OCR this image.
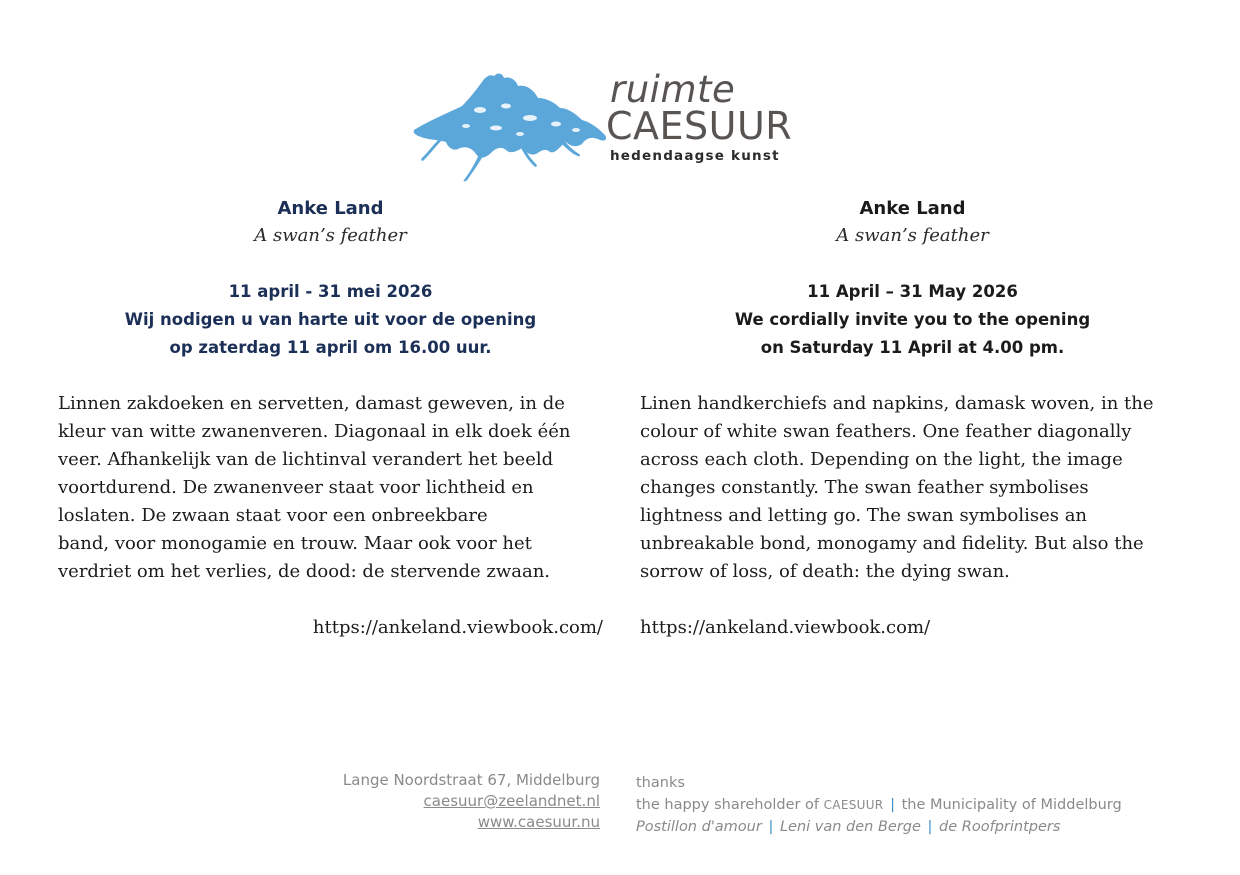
ruimte
CAESUUR
hedendaagse kunst

Anke Land

A swan’s feather

11 april - 31 mei 2026
Wij nodigen u van harte uit voor de opening
op zaterdag 11 april om 16.00 uur.
Linnen zakdoeken en servetten, damast geweven, in de
kleur van witte zwanenveren. Diagonaal in elk doek één
veer. Afhankelijk van de lichtinval verandert het beeld
voortdurend. De zwanenveer staat voor lichtheid en
loslaten. De zwaan staat voor een onbreekbare
band, voor monogamie en trouw. Maar ook voor het
verdriet om het verlies, de dood: de stervende zwaan.
https://ankeland.viewbook.com/

Anke Land

A swan’s feather

11 April – 31 May 2026
We cordially invite you to the opening
on Saturday 11 April at 4.00 pm.
Linen handkerchiefs and napkins, damask woven, in the
colour of white swan feathers. One feather diagonally
across each cloth. Depending on the light, the image
changes constantly. The swan feather symbolises
lightness and letting go. The swan symbolises an
unbreakable bond, monogamy and fidelity. But also the
sorrow of loss, of death: the dying swan.
https://ankeland.viewbook.com/
Lange Noordstraat 67, Middelburg
caesuur@zeelandnet.nl
www.caesuur.nu
thanks
the happy shareholder of CAESUUR | the Municipality of Middelburg
Postillon d'amour | Leni van den Berge | de Roofprintpers
